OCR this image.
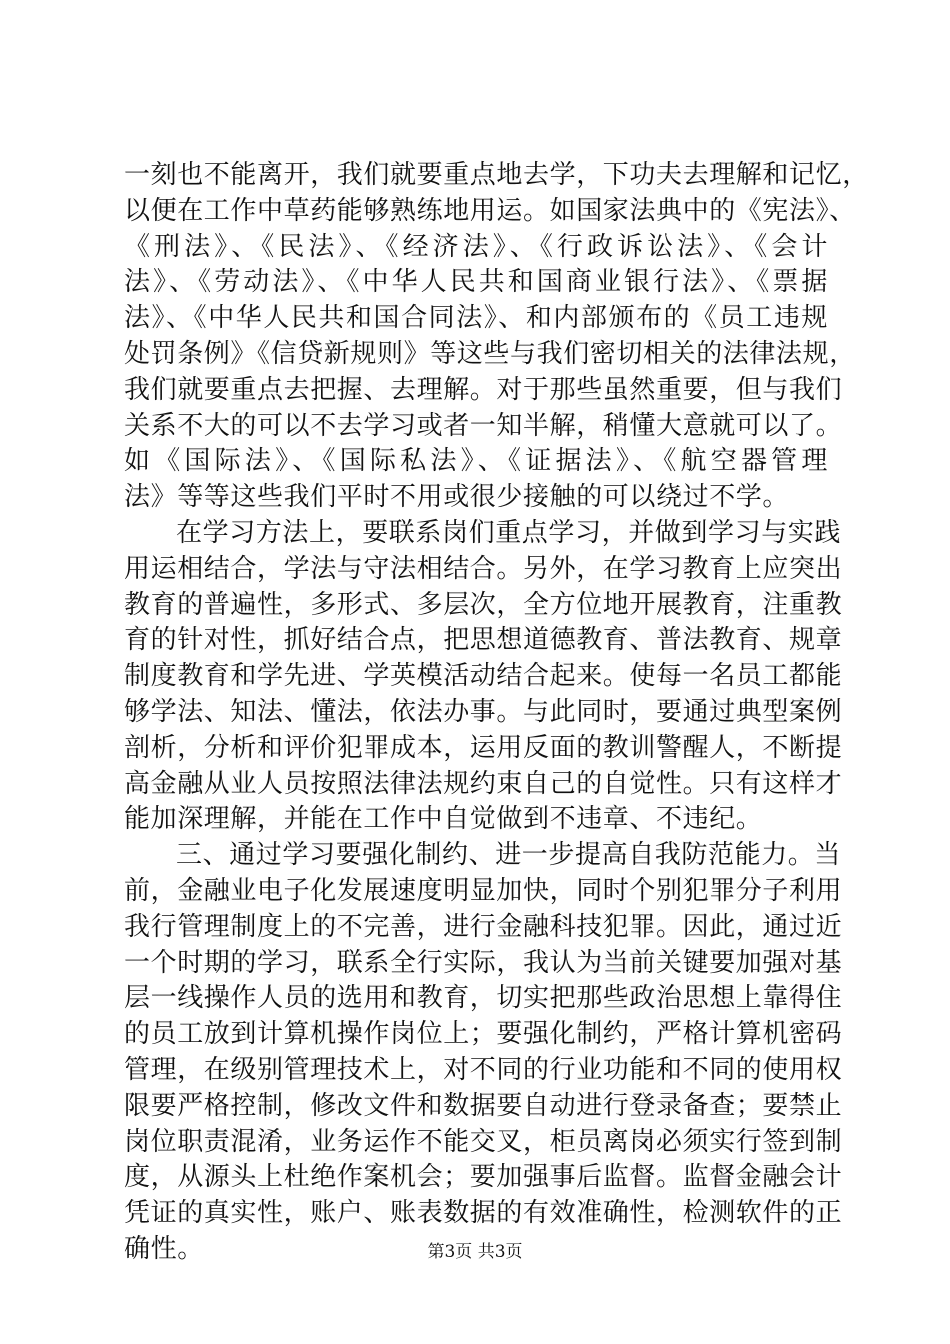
一刻也不能离开，我们就要重点地去学，下功夫去理解和记忆，
以便在工作中草药能够熟练地用运。如国家法典中的《宪法》、
《刑法》、《民法》、《经济法》、《行政诉讼法》、《会计
法》、《劳动法》、《中华人民共和国商业银行法》、《票据
法》、《中华人民共和国合同法》、和内部颁布的《员工违规
处罚条例》《信贷新规则》等这些与我们密切相关的法律法规，
我们就要重点去把握、去理解。对于那些虽然重要，但与我们
关系不大的可以不去学习或者一知半解，稍懂大意就可以了。
如《国际法》、《国际私法》、《证据法》、《航空器管理
法》等等这些我们平时不用或很少接触的可以绕过不学。
在学习方法上，要联系岗们重点学习，并做到学习与实践
用运相结合，学法与守法相结合。另外，在学习教育上应突出
教育的普遍性，多形式、多层次，全方位地开展教育，注重教
育的针对性，抓好结合点，把思想道德教育、普法教育、规章
制度教育和学先进、学英模活动结合起来。使每一名员工都能
够学法、知法、懂法，依法办事。与此同时，要通过典型案例
剖析，分析和评价犯罪成本，运用反面的教训警醒人，不断提
高金融从业人员按照法律法规约束自己的自觉性。只有这样才
能加深理解，并能在工作中自觉做到不违章、不违纪。
三、通过学习要强化制约、进一步提高自我防范能力。当
前，金融业电子化发展速度明显加快，同时个别犯罪分子利用
我行管理制度上的不完善，进行金融科技犯罪。因此，通过近
一个时期的学习，联系全行实际，我认为当前关键要加强对基
层一线操作人员的选用和教育，切实把那些政治思想上靠得住
的员工放到计算机操作岗位上；要强化制约，严格计算机密码
管理，在级别管理技术上，对不同的行业功能和不同的使用权
限要严格控制，修改文件和数据要自动进行登录备查；要禁止
岗位职责混淆，业务运作不能交叉，柜员离岗必须实行签到制
度，从源头上杜绝作案机会；要加强事后监督。监督金融会计
凭证的真实性，账户、账表数据的有效准确性，检测软件的正
确性。	第3页 共3页
